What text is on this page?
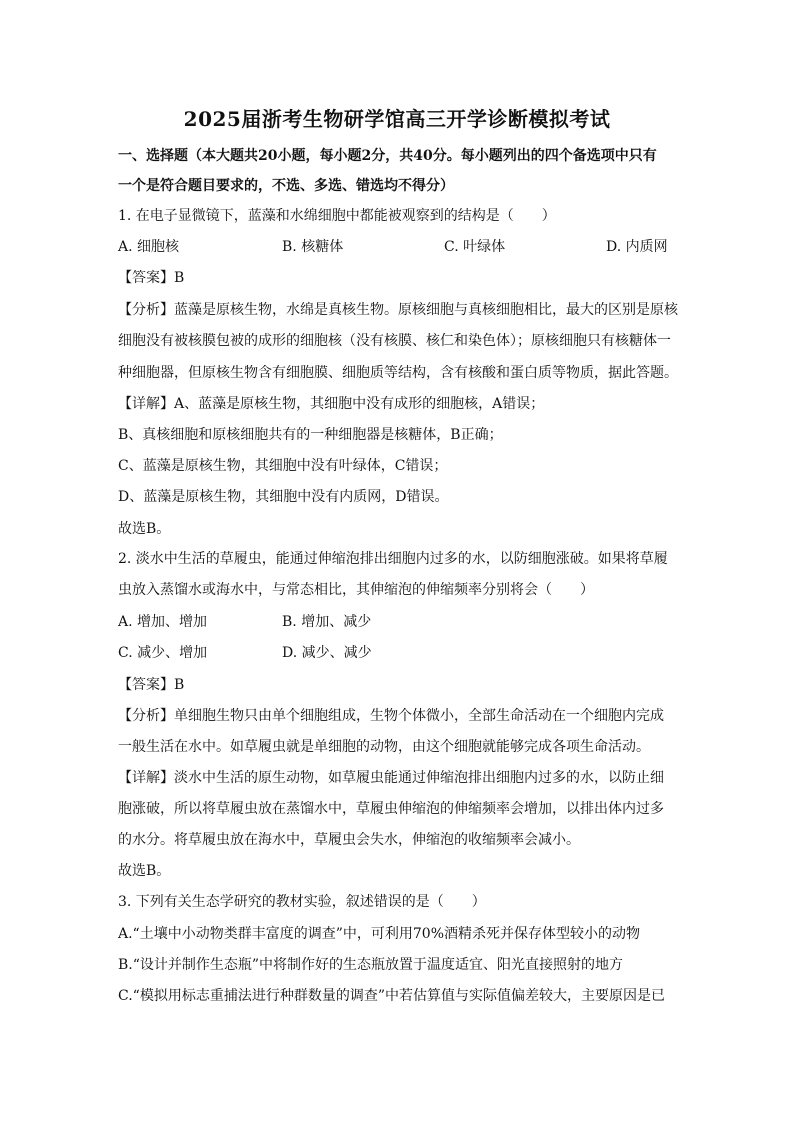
2025届浙考生物研学馆高三开学诊断模拟考试
一、选择题（本大题共20小题，每小题2分，共40分。每小题列出的四个备选项中只有
一个是符合题目要求的，不选、多选、错选均不得分）
1. 在电子显微镜下，蓝藻和水绵细胞中都能被观察到的结构是（　　）
A. 细胞核	B. 核糖体	C. 叶绿体	D. 内质网
【答案】B
【分析】蓝藻是原核生物，水绵是真核生物。原核细胞与真核细胞相比，最大的区别是原核
细胞没有被核膜包被的成形的细胞核（没有核膜、核仁和染色体）；原核细胞只有核糖体一
种细胞器，但原核生物含有细胞膜、细胞质等结构，含有核酸和蛋白质等物质，据此答题。
【详解】A、蓝藻是原核生物，其细胞中没有成形的细胞核，A错误；
B、真核细胞和原核细胞共有的一种细胞器是核糖体，B正确；
C、蓝藻是原核生物，其细胞中没有叶绿体，C错误；
D、蓝藻是原核生物，其细胞中没有内质网，D错误。
故选B。
2. 淡水中生活的草履虫，能通过伸缩泡排出细胞内过多的水，以防细胞涨破。如果将草履
虫放入蒸馏水或海水中，与常态相比，其伸缩泡的伸缩频率分别将会（　　）
A. 增加、增加	B. 增加、减少
C. 减少、增加	D. 减少、减少
【答案】B
【分析】单细胞生物只由单个细胞组成，生物个体微小，全部生命活动在一个细胞内完成
一般生活在水中。如草履虫就是单细胞的动物，由这个细胞就能够完成各项生命活动。
【详解】淡水中生活的原生动物，如草履虫能通过伸缩泡排出细胞内过多的水，以防止细
胞涨破，所以将草履虫放在蒸馏水中，草履虫伸缩泡的伸缩频率会增加，以排出体内过多
的水分。将草履虫放在海水中，草履虫会失水，伸缩泡的收缩频率会减小。
故选B。
3. 下列有关生态学研究的教材实验，叙述错误的是（　　）
A.“土壤中小动物类群丰富度的调查”中，可利用70%酒精杀死并保存体型较小的动物
B.“设计并制作生态瓶”中将制作好的生态瓶放置于温度适宜、阳光直接照射的地方
C.“模拟用标志重捕法进行种群数量的调查”中若估算值与实际值偏差较大，主要原因是已
